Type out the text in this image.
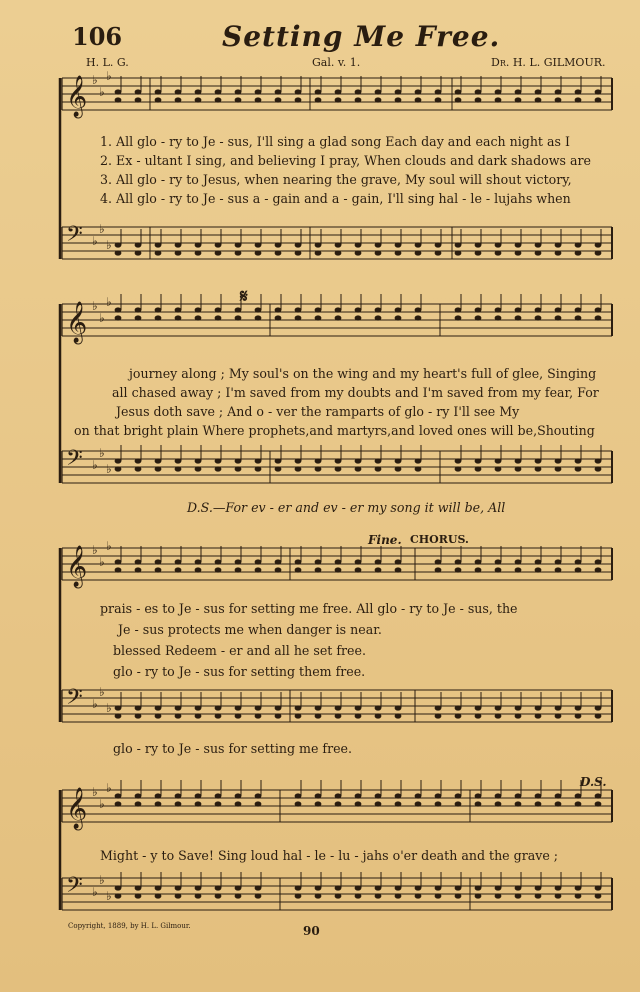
𝄞 ♭
♭
♭
𝄢 ♭
♭
♭
𝄞 ♭
♭
♭
𝄢 ♭
♭
♭
𝄞 ♭
♭
♭
𝄢 ♭
♭
♭
𝄞 ♭
♭
♭
𝄢 ♭
♭
♭
106	Setting Me Free.
H. L. G.	Gal. v. 1.	Dr. H. L. GILMOUR.
1. All glo - ry to Je - sus, I'll sing a glad song Each day and each night as I
2. Ex - ultant I sing, and believing I pray, When clouds and dark shadows are
3. All glo - ry to Jesus, when nearing the grave, My soul will shout victory,
4. All glo - ry to Je - sus a - gain and a - gain, I'll sing hal - le - lujahs when
𝄋
journey along ; My soul's on the wing and my heart's full of glee, Singing
all chased away ; I'm saved from my doubts and I'm saved from my fear, For
Jesus doth save ; And o - ver the ramparts of glo - ry I'll see My
on that bright plain Where prophets,and martyrs,and loved ones will be,Shouting
D.S.—For ev - er and ev - er my song it will be, All
Fine. CHORUS.
prais - es to Je - sus for setting me free. All glo - ry to Je - sus, the
Je - sus protects me when danger is near.
blessed Redeem - er and all he set free.
glo - ry to Je - sus for setting them free.
glo - ry to Je - sus for setting me free.
D.S.
Might - y to Save! Sing loud hal - le - lu - jahs o'er death and the grave ;
Copyright, 1889, by H. L. Gilmour.	90
